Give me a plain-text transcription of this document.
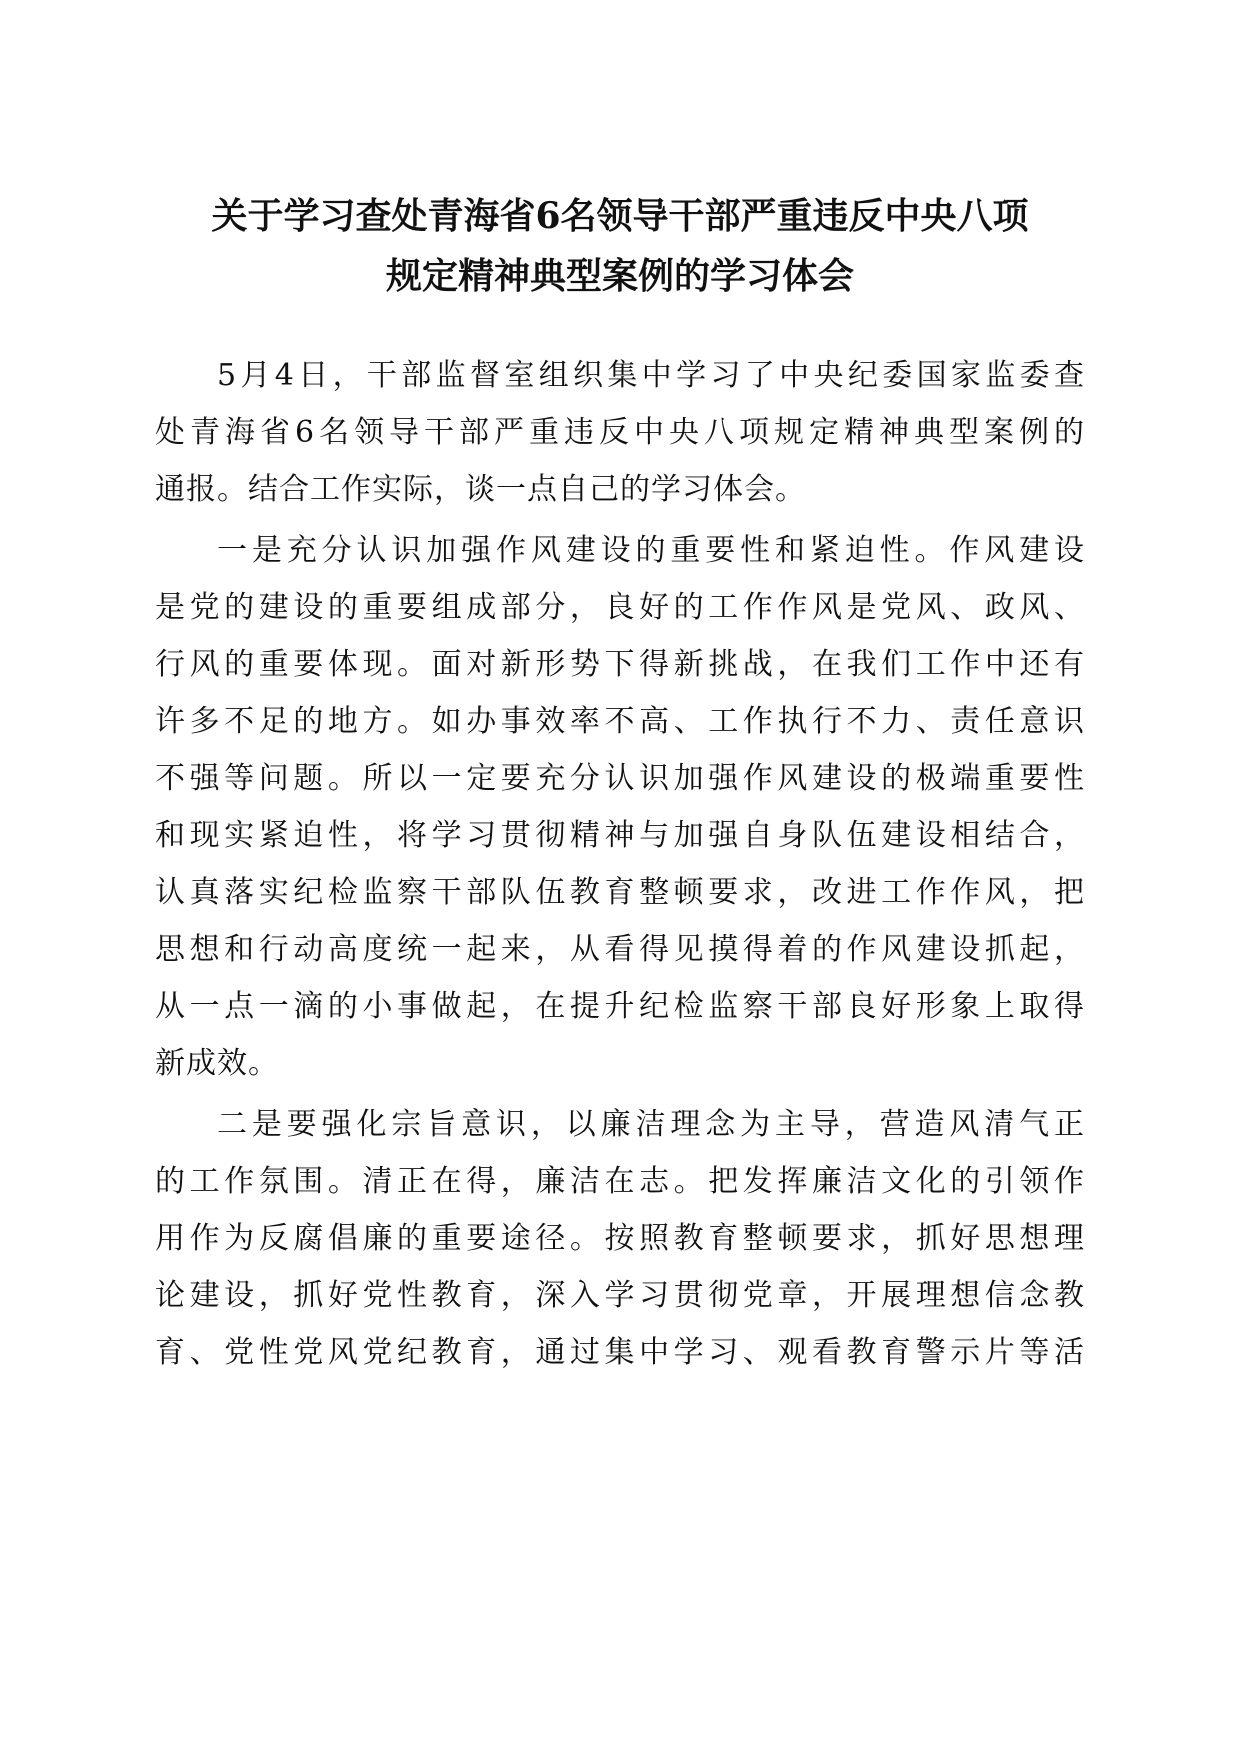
关于学习查处青海省6名领导干部严重违反中央八项
规定精神典型案例的学习体会
5月4日，干部监督室组织集中学习了中央纪委国家监委查
处青海省6名领导干部严重违反中央八项规定精神典型案例的
通报。结合工作实际，谈一点自己的学习体会。
一是充分认识加强作风建设的重要性和紧迫性。作风建设
是党的建设的重要组成部分，良好的工作作风是党风、政风、
行风的重要体现。面对新形势下得新挑战，在我们工作中还有
许多不足的地方。如办事效率不高、工作执行不力、责任意识
不强等问题。所以一定要充分认识加强作风建设的极端重要性
和现实紧迫性，将学习贯彻精神与加强自身队伍建设相结合，
认真落实纪检监察干部队伍教育整顿要求，改进工作作风，把
思想和行动高度统一起来，从看得见摸得着的作风建设抓起，
从一点一滴的小事做起，在提升纪检监察干部良好形象上取得
新成效。
二是要强化宗旨意识，以廉洁理念为主导，营造风清气正
的工作氛围。清正在得，廉洁在志。把发挥廉洁文化的引领作
用作为反腐倡廉的重要途径。按照教育整顿要求，抓好思想理
论建设，抓好党性教育，深入学习贯彻党章，开展理想信念教
育、党性党风党纪教育，通过集中学习、观看教育警示片等活
